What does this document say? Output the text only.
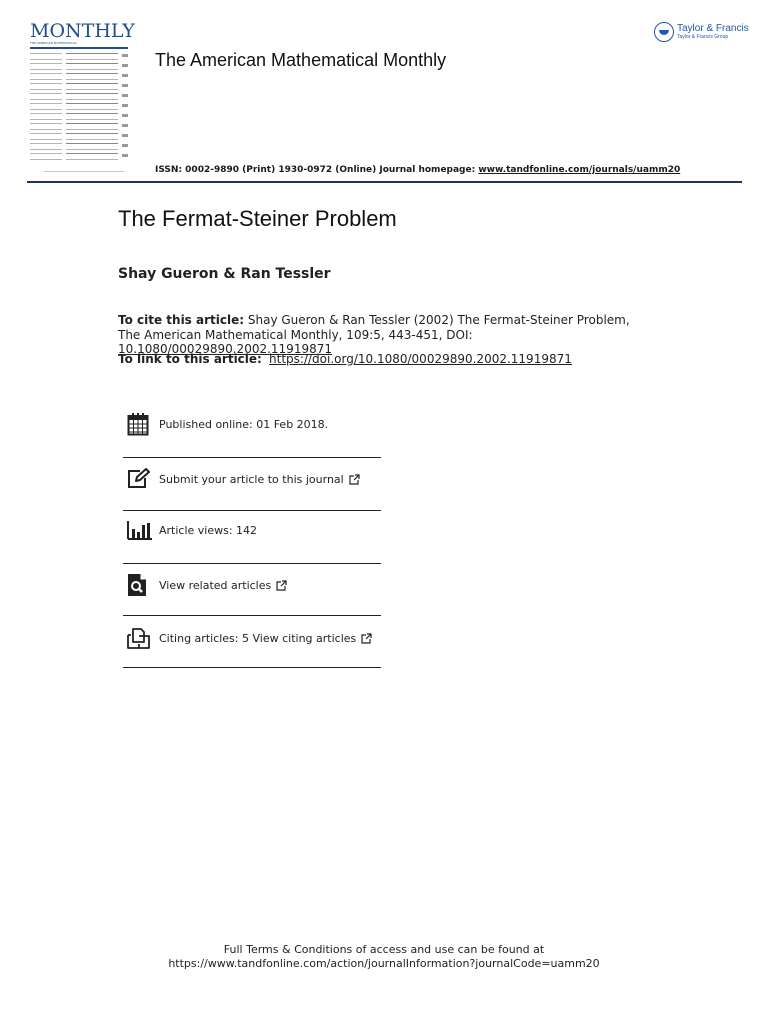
MONTHLY
THE AMERICAN MATHEMATICAL
The American Mathematical Monthly
Taylor & Francis
Taylor & Francis Group
ISSN: 0002-9890 (Print) 1930-0972 (Online) Journal homepage: www.tandfonline.com/journals/uamm20
The Fermat-Steiner Problem
Shay Gueron & Ran Tessler
To cite this article: Shay Gueron & Ran Tessler (2002) The Fermat-Steiner Problem, The American Mathematical Monthly, 109:5, 443-451, DOI: 10.1080/00029890.2002.11919871
To link to this article: https://doi.org/10.1080/00029890.2002.11919871
Published online: 01 Feb 2018.
Submit your article to this journal
Article views: 142
View related articles
Citing articles: 5 View citing articles
Full Terms & Conditions of access and use can be found at
https://www.tandfonline.com/action/journalInformation?journalCode=uamm20
